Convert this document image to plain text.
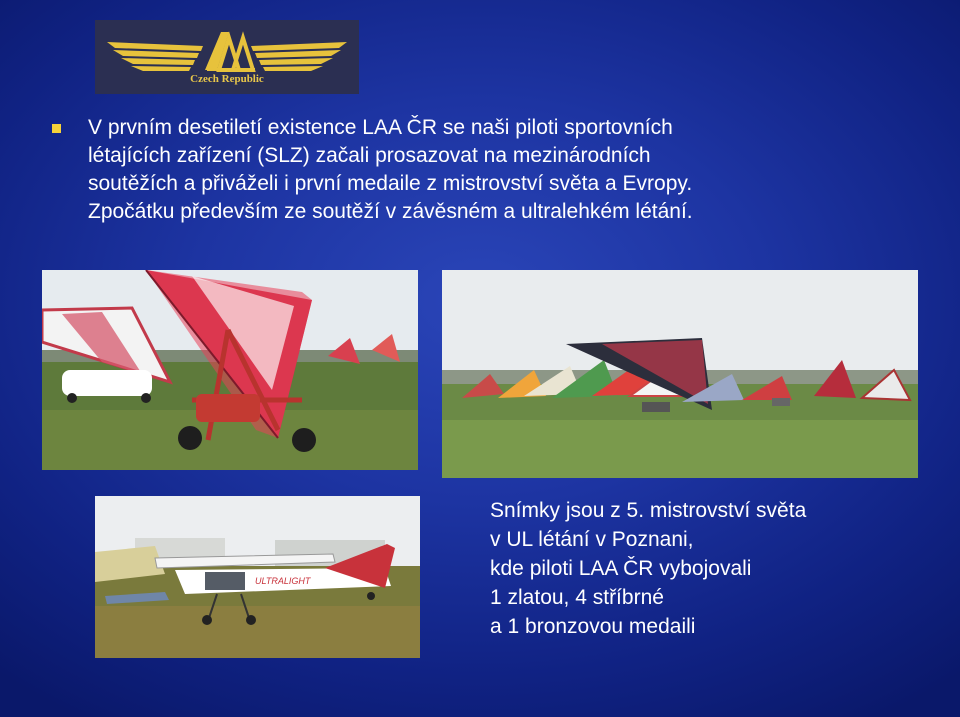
Czech Republic

V prvním desetiletí existence LAA ČR se naši piloti sportovních
létajících zařízení (SLZ) začali prosazovat na mezinárodních
soutěžích a přiváželi i první medaile z mistrovství světa a Evropy.
Zpočátku především ze soutěží v závěsném a ultralehkém létání.

ULTRALIGHT
Snímky jsou z 5. mistrovství světa
v UL létání v Poznani,
kde piloti LAA ČR vybojovali
1 zlatou, 4 stříbrné
a 1 bronzovou medaili
